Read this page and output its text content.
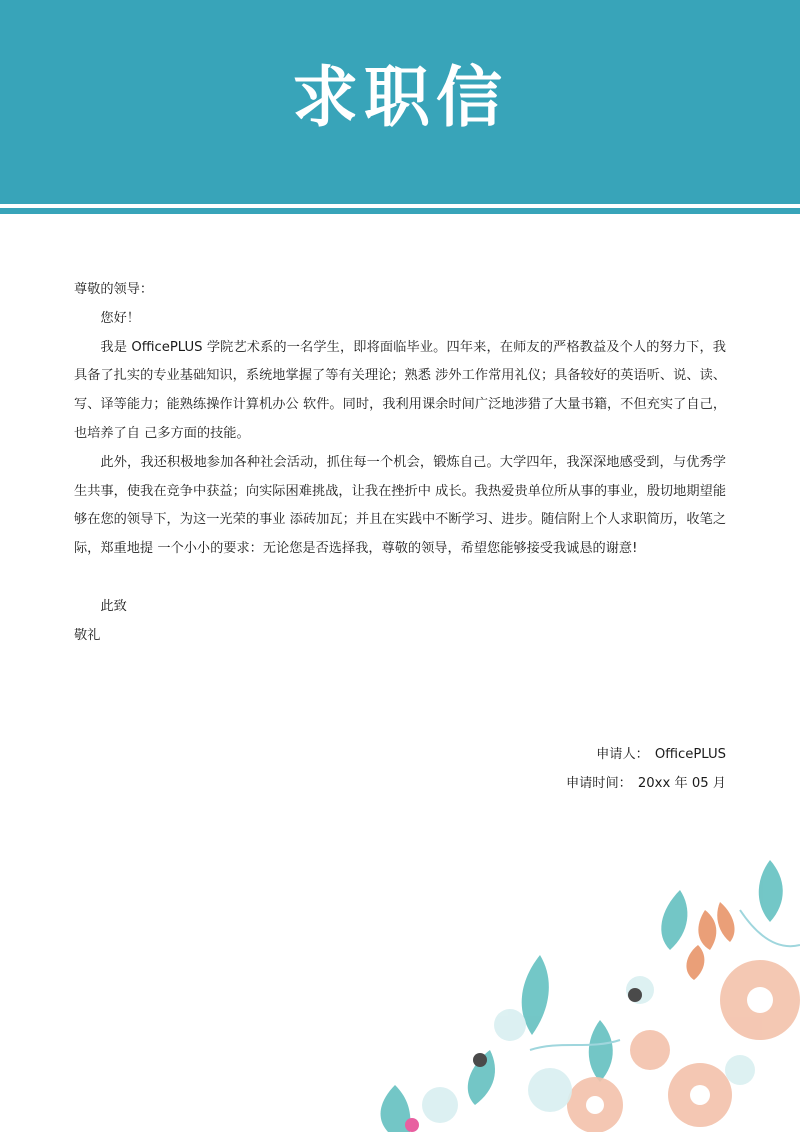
求职信

尊敬的领导：

您好！

我是 OfficePLUS 学院艺术系的一名学生，即将面临毕业。四年来，在师友的严格教益及个人的努力下，我具备了扎实的专业基础知识，系统地掌握了等有关理论；熟悉 涉外工作常用礼仪；具备较好的英语听、说、读、写、译等能力；能熟练操作计算机办公 软件。同时，我利用课余时间广泛地涉猎了大量书籍，不但充实了自己，也培养了自 己多方面的技能。

此外，我还积极地参加各种社会活动，抓住每一个机会，锻炼自己。大学四年，我深深地感受到，与优秀学生共事，使我在竞争中获益；向实际困难挑战，让我在挫折中 成长。我热爱贵单位所从事的事业，殷切地期望能够在您的领导下，为这一光荣的事业 添砖加瓦；并且在实践中不断学习、进步。随信附上个人求职简历，收笔之际，郑重地提 一个小小的要求：无论您是否选择我，尊敬的领导，希望您能够接受我诚恳的谢意!

此致

敬礼

申请人： OfficePLUS
申请时间： 20xx 年 05 月
